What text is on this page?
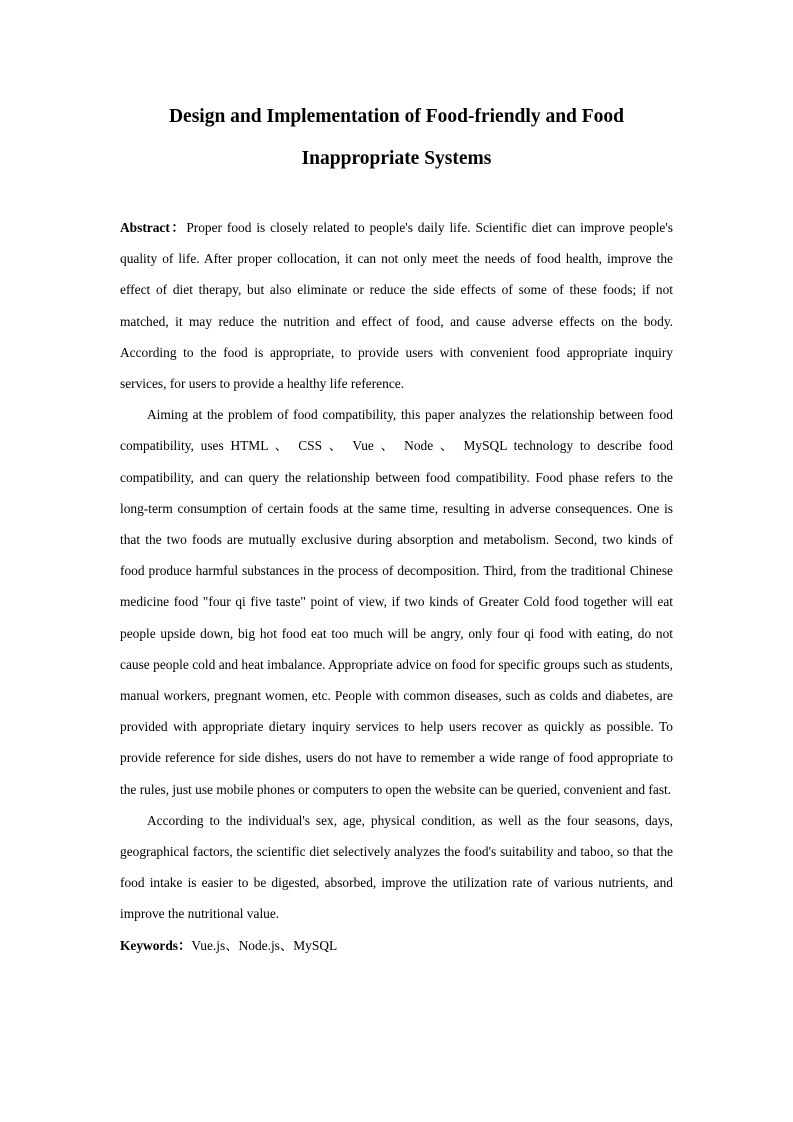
Design and Implementation of Food-friendly and Food
Inappropriate Systems

Abstract：Proper food is closely related to people's daily life. Scientific diet can improve people's quality of life. After proper collocation, it can not only meet the needs of food health, improve the effect of diet therapy, but also eliminate or reduce the side effects of some of these foods; if not matched, it may reduce the nutrition and effect of food, and cause adverse effects on the body. According to the food is appropriate, to provide users with convenient food appropriate inquiry services, for users to provide a healthy life reference.

Aiming at the problem of food compatibility, this paper analyzes the relationship between food compatibility, uses HTML 、 CSS 、 Vue 、 Node 、 MySQL technology to describe food compatibility, and can query the relationship between food compatibility. Food phase refers to the long-term consumption of certain foods at the same time, resulting in adverse consequences. One is that the two foods are mutually exclusive during absorption and metabolism. Second, two kinds of food produce harmful substances in the process of decomposition. Third, from the traditional Chinese medicine food "four qi five taste" point of view, if two kinds of Greater Cold food together will eat people upside down, big hot food eat too much will be angry, only four qi food with eating, do not cause people cold and heat imbalance. Appropriate advice on food for specific groups such as students, manual workers, pregnant women, etc. People with common diseases, such as colds and diabetes, are provided with appropriate dietary inquiry services to help users recover as quickly as possible. To provide reference for side dishes, users do not have to remember a wide range of food appropriate to the rules, just use mobile phones or computers to open the website can be queried, convenient and fast.

According to the individual's sex, age, physical condition, as well as the four seasons, days, geographical factors, the scientific diet selectively analyzes the food's suitability and taboo, so that the food intake is easier to be digested, absorbed, improve the utilization rate of various nutrients, and improve the nutritional value.

Keywords：Vue.js、Node.js、MySQL
